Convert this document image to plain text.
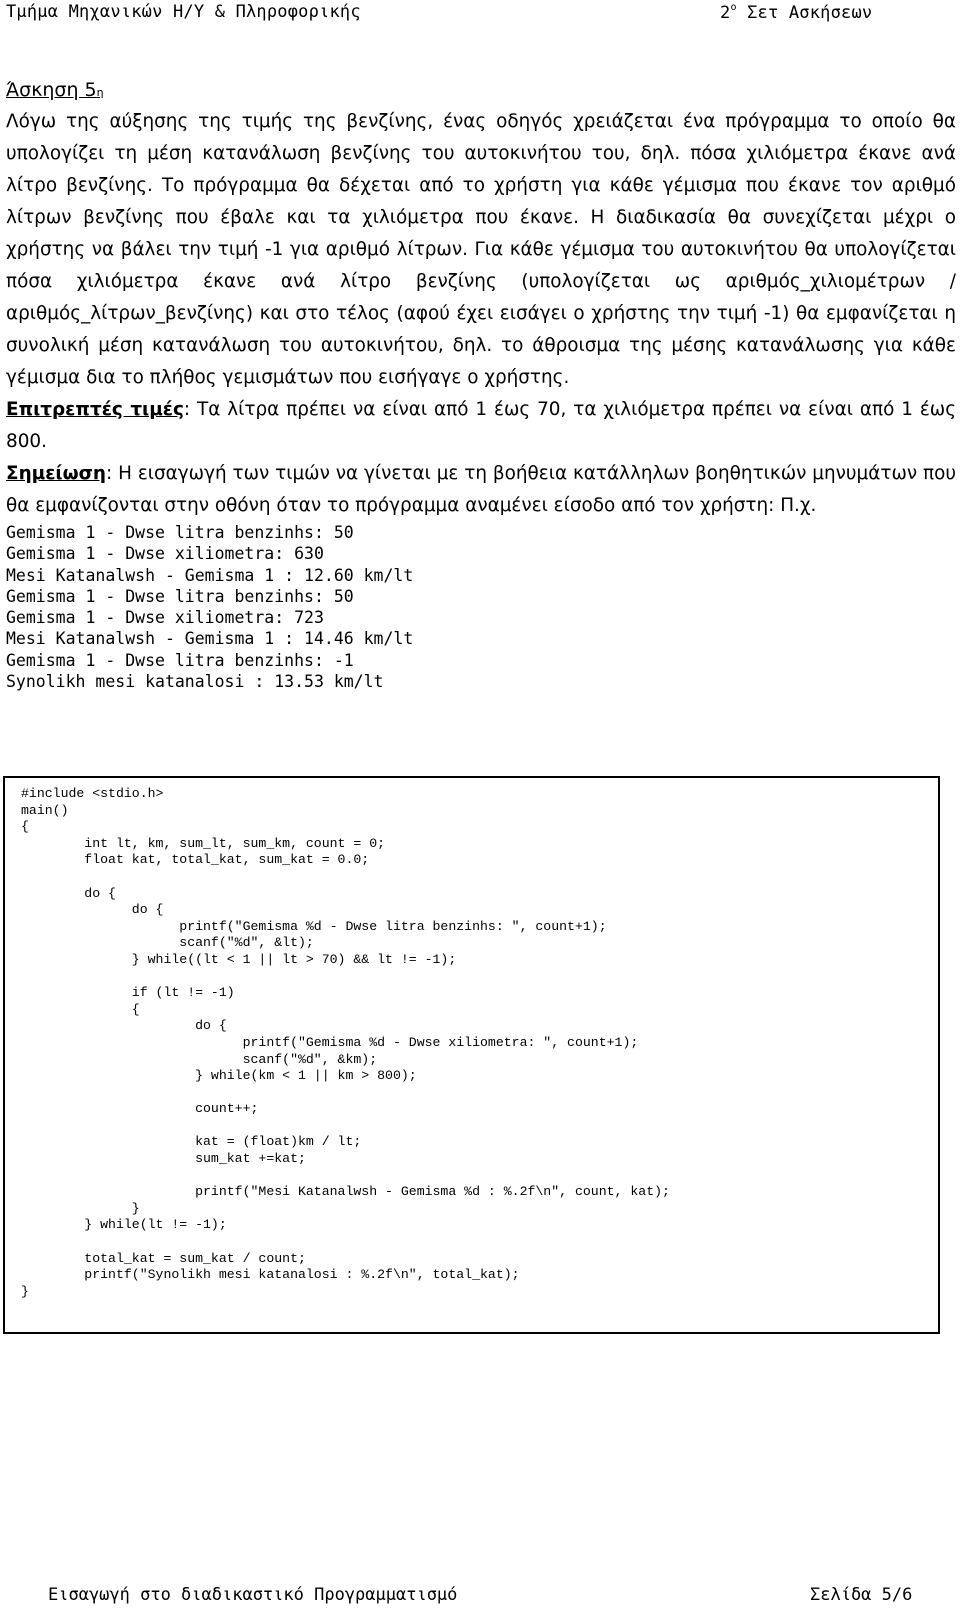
Τμήμα Μηχανικών Η/Υ & Πληροφορικής	$2^o$ Σετ Ασκήσεων
Άσκηση 5η

Λόγω της αύξησης της τιμής της βενζίνης, ένας οδηγός χρειάζεται ένα πρόγραμμα το οποίο θα υπολογίζει τη μέση κατανάλωση βενζίνης του αυτοκινήτου του, δηλ. πόσα χιλιόμετρα έκανε ανά λίτρο βενζίνης. Το πρόγραμμα θα δέχεται από το χρήστη για κάθε γέμισμα που έκανε τον αριθμό λίτρων βενζίνης που έβαλε και τα χιλιόμετρα που έκανε. Η διαδικασία θα συνεχίζεται μέχρι ο χρήστης να βάλει την τιμή -1 για αριθμό λίτρων. Για κάθε γέμισμα του αυτοκινήτου θα υπολογίζεται πόσα χιλιόμετρα έκανε ανά λίτρο βενζίνης (υπολογίζεται ως αριθμός_χιλιομέτρων / αριθμός_λίτρων_βενζίνης) και στο τέλος (αφού έχει εισάγει ο χρήστης την τιμή -1) θα εμφανίζεται η συνολική μέση κατανάλωση του αυτοκινήτου, δηλ. το άθροισμα της μέσης κατανάλωσης για κάθε γέμισμα δια το πλήθος γεμισμάτων που εισήγαγε ο χρήστης.

Επιτρεπτές τιμές: Τα λίτρα πρέπει να είναι από 1 έως 70, τα χιλιόμετρα πρέπει να είναι από 1 έως 800.

Σημείωση: Η εισαγωγή των τιμών να γίνεται με τη βοήθεια κατάλληλων βοηθητικών μηνυμάτων που θα εμφανίζονται στην οθόνη όταν το πρόγραμμα αναμένει είσοδο από τον χρήστη: Π.χ.

Gemisma 1 - Dwse litra benzinhs: 50
Gemisma 1 - Dwse xiliometra: 630
Mesi Katanalwsh - Gemisma 1 : 12.60 km/lt
Gemisma 1 - Dwse litra benzinhs: 50
Gemisma 1 - Dwse xiliometra: 723
Mesi Katanalwsh - Gemisma 1 : 14.46 km/lt
Gemisma 1 - Dwse litra benzinhs: -1
Synolikh mesi katanalosi : 13.53 km/lt
#include <stdio.h>
main()
{
int lt, km, sum_lt, sum_km, count = 0;
float kat, total_kat, sum_kat = 0.0;

do {
do {
printf("Gemisma %d - Dwse litra benzinhs: ", count+1);
scanf("%d", &lt);
} while((lt < 1 || lt > 70) && lt != -1);

if (lt != -1)
{
do {
printf("Gemisma %d - Dwse xiliometra: ", count+1);
scanf("%d", &km);
} while(km < 1 || km > 800);

count++;

kat = (float)km / lt;
sum_kat +=kat;

printf("Mesi Katanalwsh - Gemisma %d : %.2f\n", count, kat);
}
} while(lt != -1);

total_kat = sum_kat / count;
printf("Synolikh mesi katanalosi : %.2f\n", total_kat);
}
Εισαγωγή στο διαδικαστικό Προγραμματισμό	Σελίδα 5/6
